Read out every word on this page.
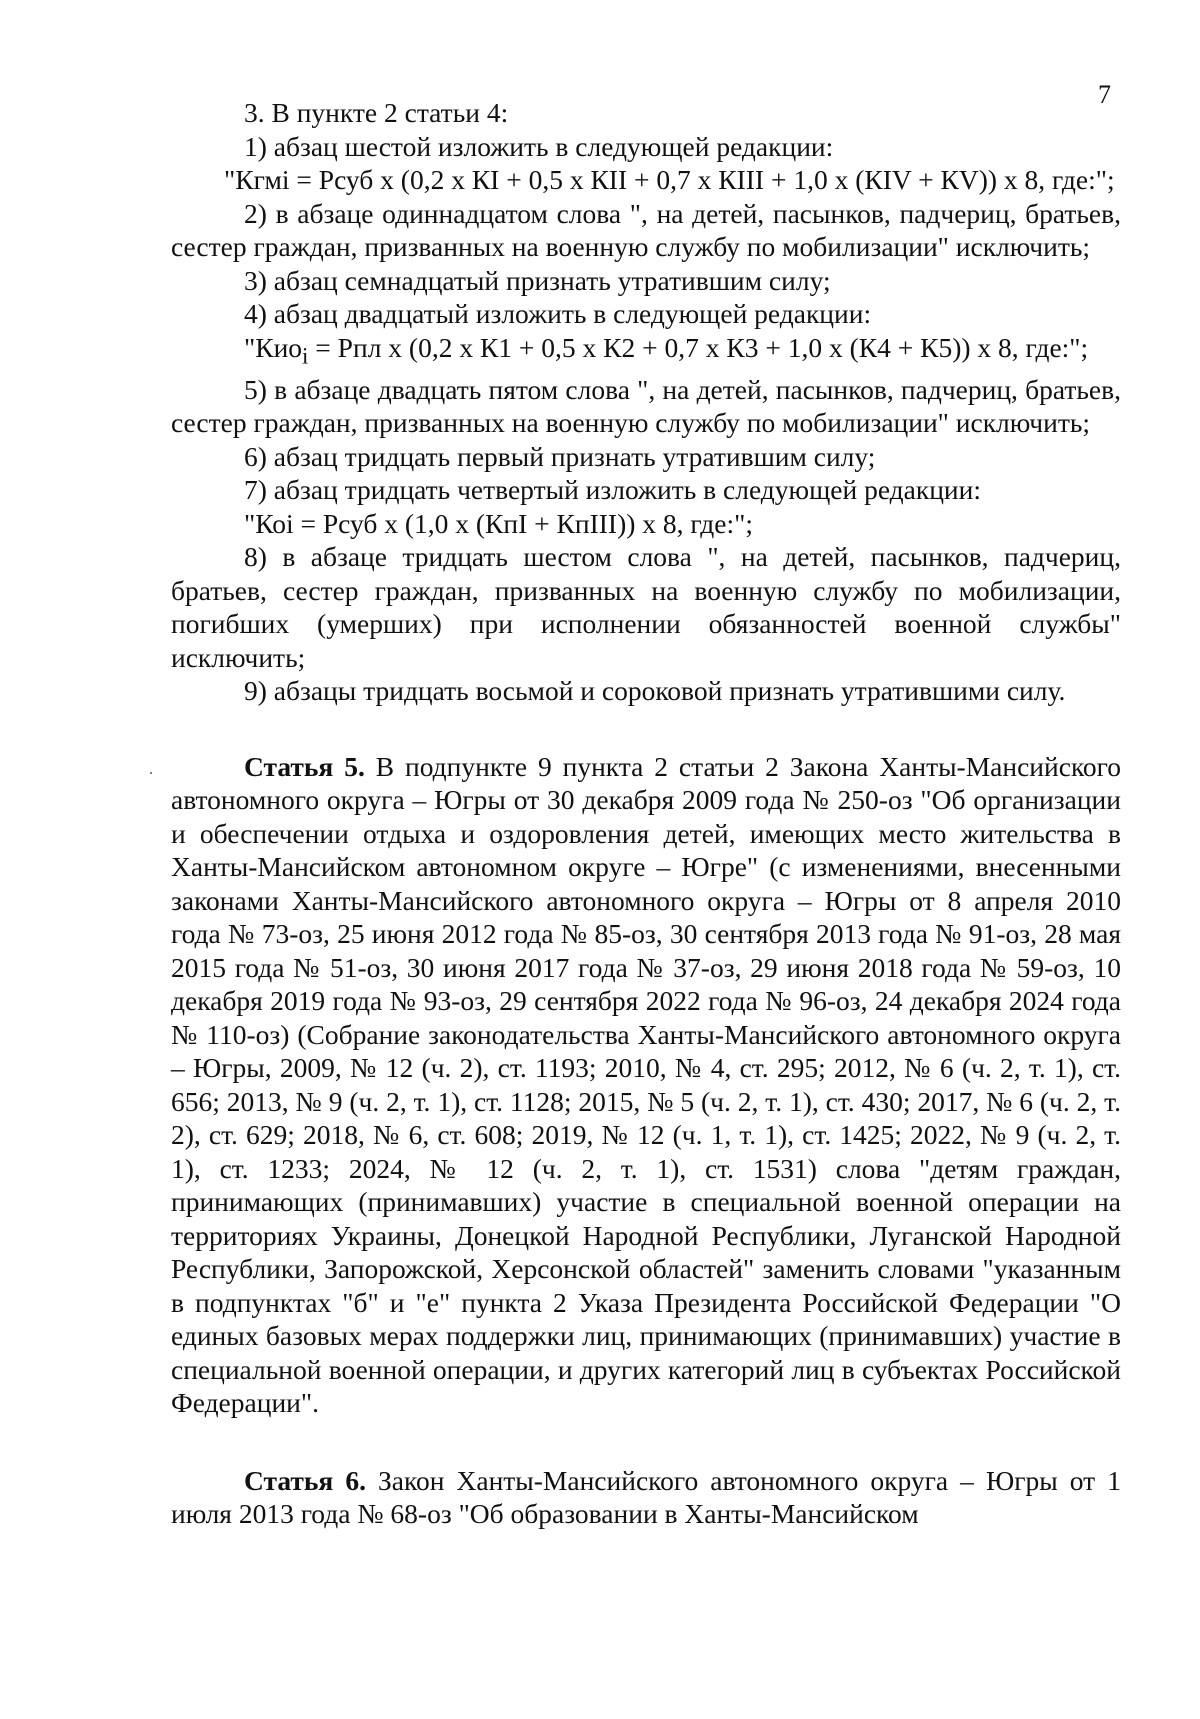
7

3. В пункте 2 статьи 4:

1) абзац шестой изложить в следующей редакции:

"Кгмі = Рсуб х (0,2 х КІ + 0,5 х КІІ + 0,7 х КІІІ + 1,0 х (КІV + КV)) х 8, где:";

2) в абзаце одиннадцатом слова ", на детей, пасынков, падчериц, братьев, сестер граждан, призванных на военную службу по мобилизации" исключить;

3) абзац семнадцатый признать утратившим силу;

4) абзац двадцатый изложить в следующей редакции:

"Кио$_i$ = Рпл х (0,2 х К1 + 0,5 х К2 + 0,7 х К3 + 1,0 х (К4 + К5)) х 8, где:";

5) в абзаце двадцать пятом слова ", на детей, пасынков, падчериц, братьев, сестер граждан, призванных на военную службу по мобилизации" исключить;

6) абзац тридцать первый признать утратившим силу;

7) абзац тридцать четвертый изложить в следующей редакции:

"Коі = Рсуб х (1,0 х (КпІ + КпІІІ)) х 8, где:";

8) в абзаце тридцать шестом слова ", на детей, пасынков, падчериц, братьев, сестер граждан, призванных на военную службу по мобилизации, погибших (умерших) при исполнении обязанностей военной службы" исключить;

9) абзацы тридцать восьмой и сороковой признать утратившими силу.

Статья 5. В подпункте 9 пункта 2 статьи 2 Закона Ханты-Мансийского автономного округа – Югры от 30 декабря 2009 года № 250-оз "Об организации и обеспечении отдыха и оздоровления детей, имеющих место жительства в Ханты-Мансийском автономном округе – Югре" (с изменениями, внесенными законами Ханты-Мансийского автономного округа – Югры от 8 апреля 2010 года № 73-оз, 25 июня 2012 года № 85-оз, 30 сентября 2013 года № 91-оз, 28 мая 2015 года № 51-оз, 30 июня 2017 года № 37-оз, 29 июня 2018 года № 59-оз, 10 декабря 2019 года № 93-оз, 29 сентября 2022 года № 96-оз, 24 декабря 2024 года № 110-оз) (Собрание законодательства Ханты-Мансийского автономного округа – Югры, 2009, № 12 (ч. 2), ст. 1193; 2010, № 4, ст. 295; 2012, № 6 (ч. 2, т. 1), ст. 656; 2013, № 9 (ч. 2, т. 1), ст. 1128; 2015, № 5 (ч. 2, т. 1), ст. 430; 2017, № 6 (ч. 2, т. 2), ст. 629; 2018, № 6, ст. 608; 2019, № 12 (ч. 1, т. 1), ст. 1425; 2022, № 9 (ч. 2, т. 1), ст. 1233; 2024, № 12 (ч. 2, т. 1), ст. 1531) слова "детям граждан, принимающих (принимавших) участие в специальной военной операции на территориях Украины, Донецкой Народной Республики, Луганской Народной Республики, Запорожской, Херсонской областей" заменить словами "указанным в подпунктах "б" и "е" пункта 2 Указа Президента Российской Федерации "О единых базовых мерах поддержки лиц, принимающих (принимавших) участие в специальной военной операции, и других категорий лиц в субъектах Российской Федерации".

Статья 6. Закон Ханты-Мансийского автономного округа – Югры от 1 июля 2013 года № 68-оз "Об образовании в Ханты-Мансийском
